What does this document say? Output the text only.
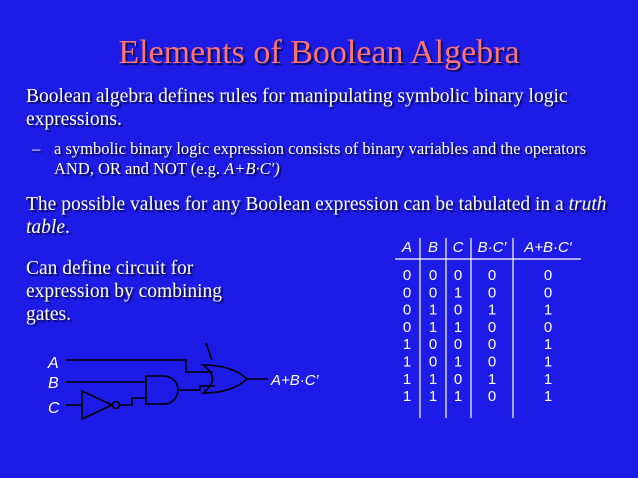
Elements of Boolean Algebra
Boolean algebra defines rules for manipulating symbolic binary logic expressions.
– a symbolic binary logic expression consists of binary variables and the operators AND, OR and NOT (e.g. A+B·C′)
The possible values for any Boolean expression can be tabulated in a truth table.
Can define circuit for expression by combining gates.
A B C B·C′ A+B·C′
0 0 0 0	0
0 0 1 0	0
0 1 0 1	1
0 1 1 0	0
1 0 0 0	1
1 0 1 0	1
1 1 0 1	1
1 1 1 0	1
A
B
C
A+B·C′
